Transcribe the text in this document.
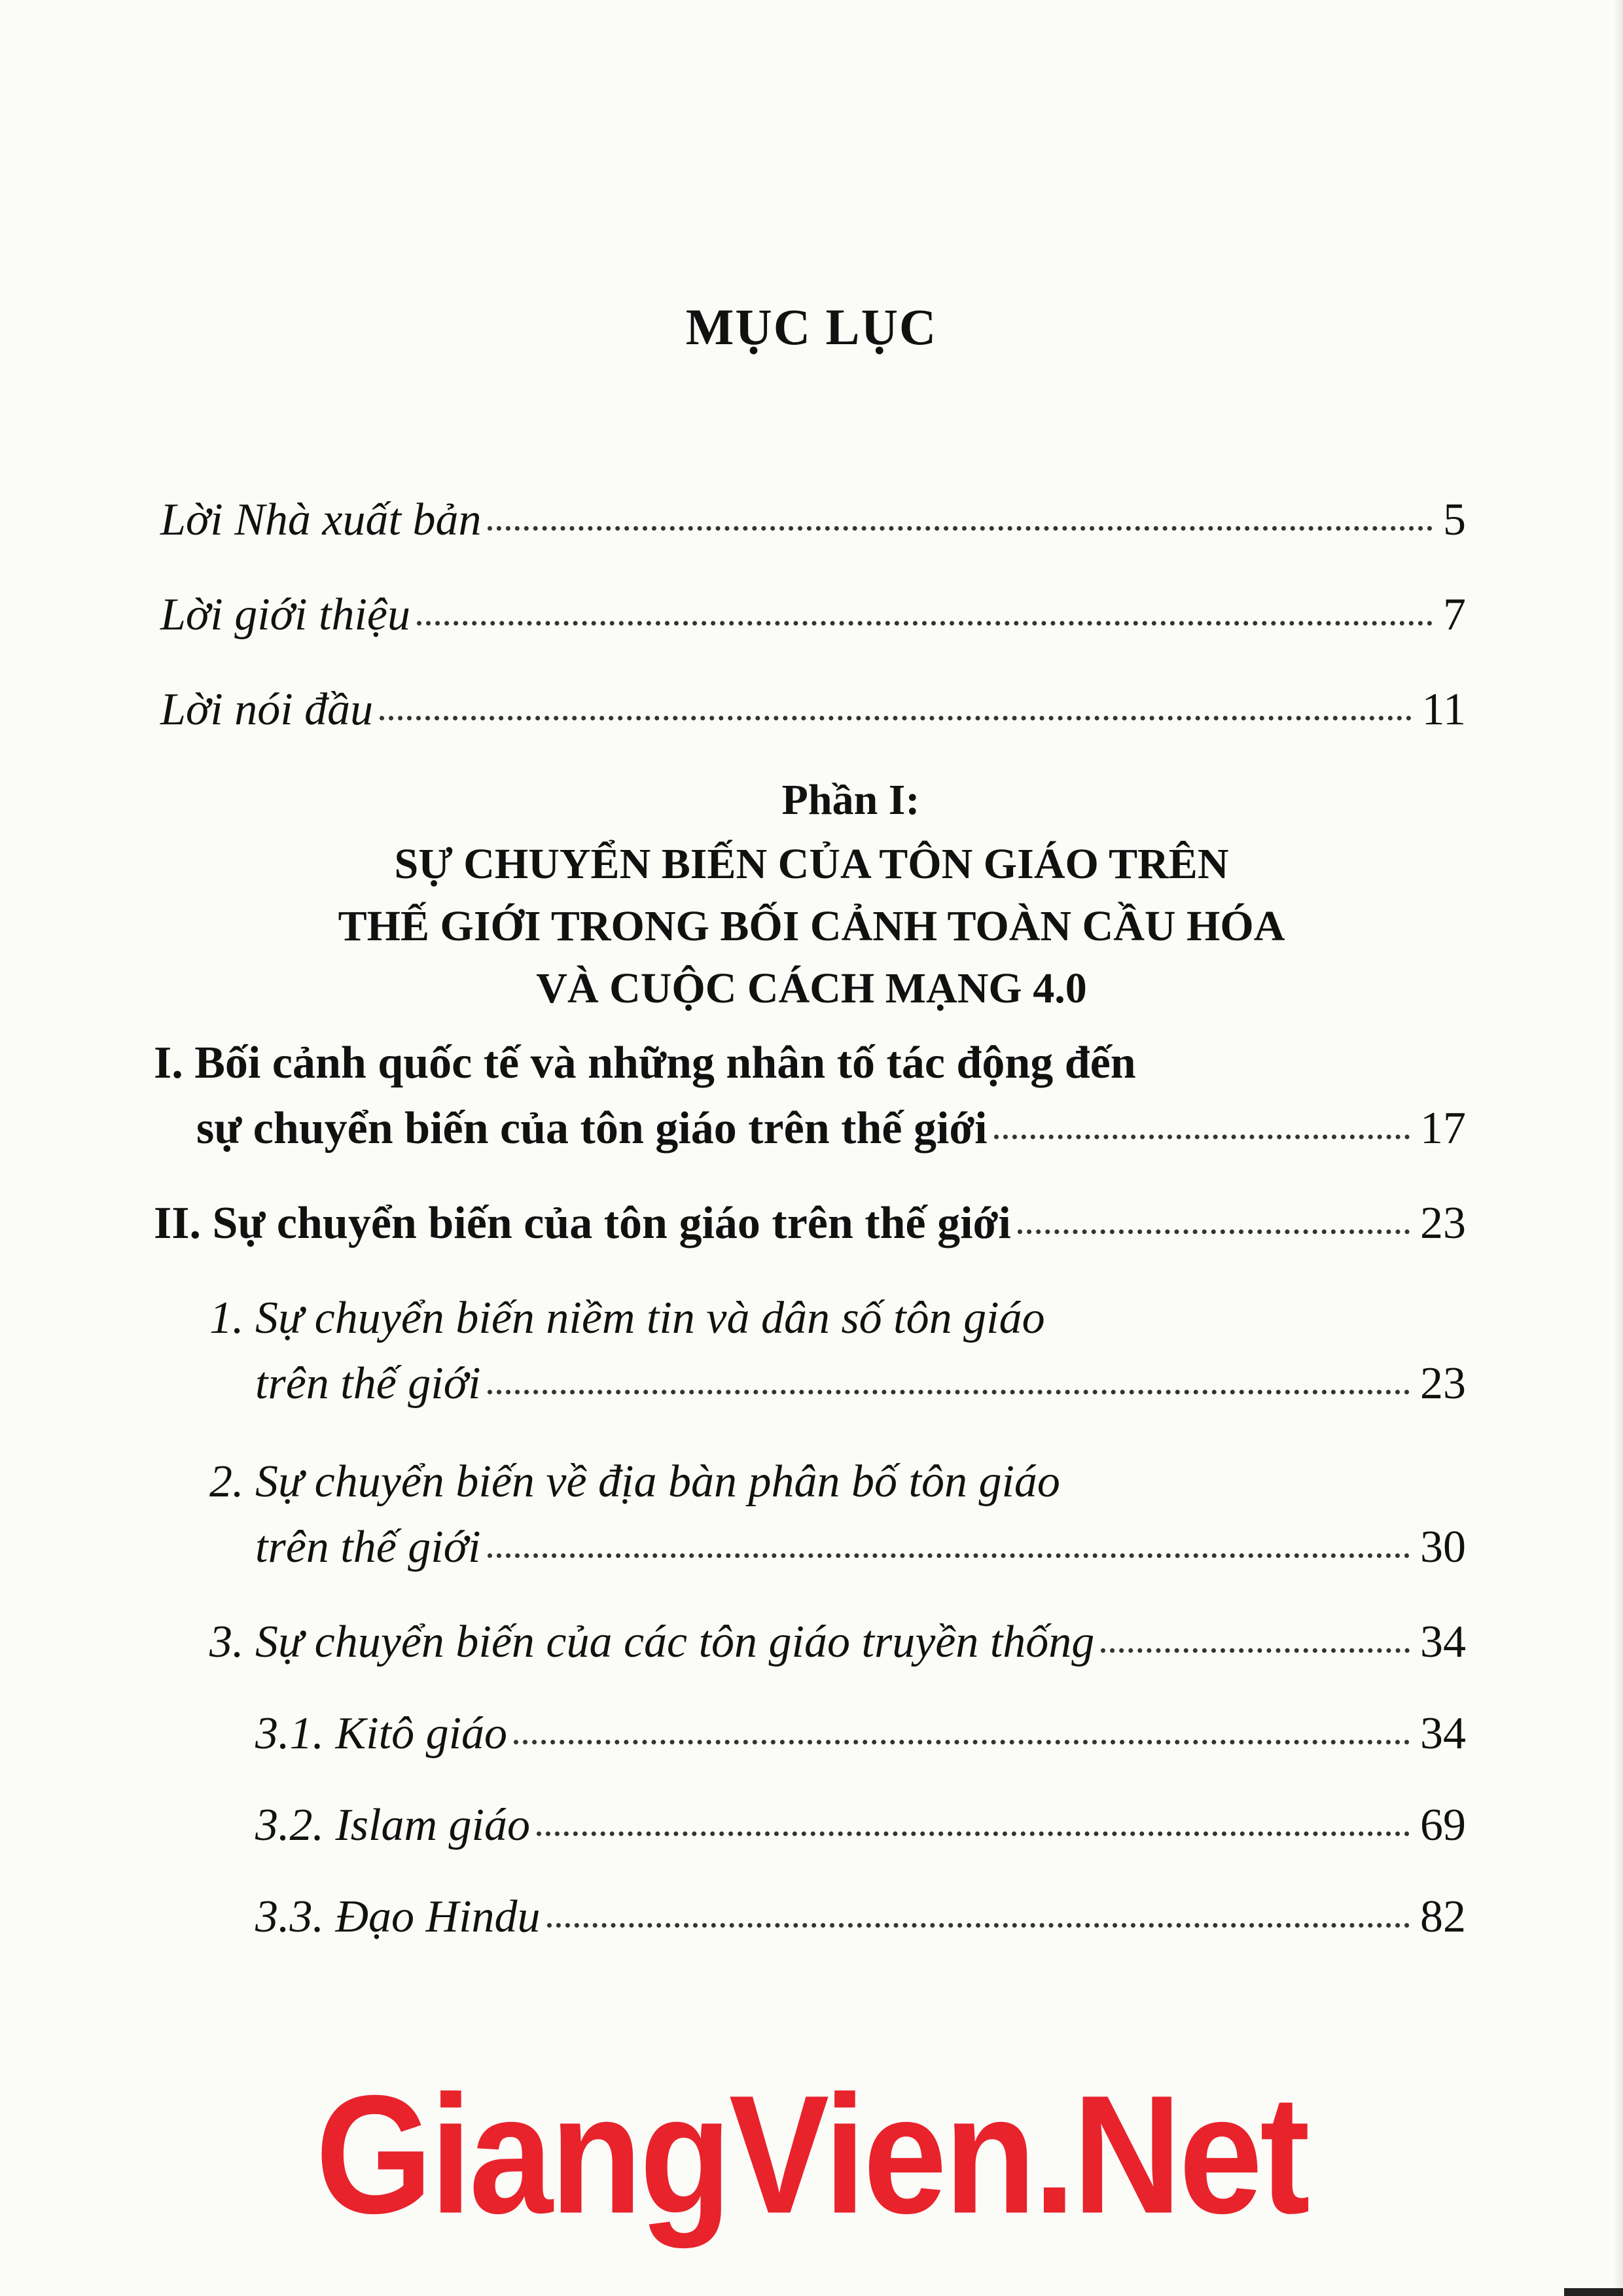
MỤC LỤC
Lời Nhà xuất bản	5
Lời giới thiệu	7
Lời nói đầu	11

Phần I:

SỰ CHUYỂN BIẾN CỦA TÔN GIÁO TRÊN

THẾ GIỚI TRONG BỐI CẢNH TOÀN CẦU HÓA

VÀ CUỘC CÁCH MẠNG 4.0

I. Bối cảnh quốc tế và những nhân tố tác động đến
sự chuyển biến của tôn giáo trên thế giới	17
II. Sự chuyển biến của tôn giáo trên thế giới	23
1. Sự chuyển biến niềm tin và dân số tôn giáo
trên thế giới	23
2. Sự chuyển biến về địa bàn phân bố tôn giáo
trên thế giới	30
3. Sự chuyển biến của các tôn giáo truyền thống	34
3.1. Kitô giáo	34
3.2. Islam giáo	69
3.3. Đạo Hindu	82
GiangVien.Net
